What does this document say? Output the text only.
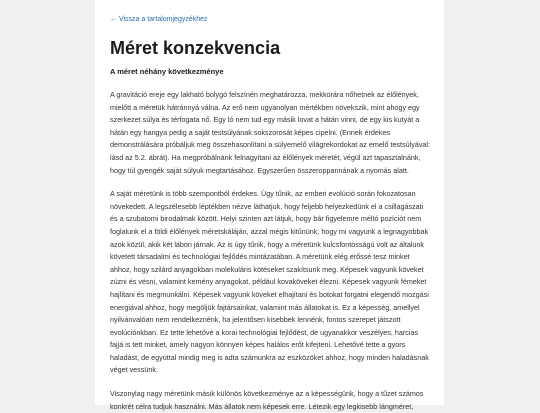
← Vissza a tartalomjegyzékhez
Méret konzekvencia
A méret néhány következménye

A gravitáció ereje egy lakható bolygó felszínén meghatározza, mekkorára nőhetnek az élőlények, mielőtt a méretük hátránnyá válna. Az erő nem ugyanolyan mértékben növekszik, mint ahogy egy szerkezet súlya és térfogata nő. Egy ló nem tud egy másik lovat a hátán vinni, de egy kis kutyát a hátán egy hangya pedig a saját testsúlyának sokszorosát képes cipelni. (Ennek érdekes demonstrálására próbáljuk meg összehasonlítani a súlyemelő világrekordokat az emelő testsúlyával: lásd az 5.2. ábrát). Ha megpróbálnánk felnagyítani az élőlények méretét, végül azt tapasztalnánk, hogy túl gyengék saját súlyuk megtartásához. Egyszerűen összeroppannának a nyomás alatt.

A saját méretünk is több szempontból érdekes. Úgy tűnik, az emberi evolúció során fokozatosan növekedett. A legszélesebb léptékben nézve láthatjuk, hogy feljebb helyezkedünk el a csillagászati és a szubatomi birodalmak között. Helyi szinten azt látjuk, hogy bár figyelemre méltó pozíciót nem foglalunk el a földi élőlények méretskáláján, azzal mégis kitűnünk, hogy mi vagyunk a legnagyobbak azok közül, akik két lábon járnak. Az is úgy tűnik, hogy a méretünk kulcsfontosságú volt az általunk követett társadalmi és technológiai fejlődés mintázatában. A méretünk elég erőssé tesz minket ahhoz, hogy szilárd anyagokban molekuláris kötéseket szakítsunk meg. Képesek vagyunk köveket zúzni és vésni, valamint kemény anyagokat, például kovaköveket élezni. Képesek vagyunk fémeket hajlítani és megmunkálni. Képesek vagyunk köveket elhajítani és botokat forgatni elegendő mozgási energiával ahhoz, hogy megöljük fajtársainkat, valamint más állatokat is. Ez a képesség, amellyel nyilvánvalóan nem rendelkeznénk, ha jelentősen kisebbek lennénk, fontos szerepet játszott evolúciónkban. Ez tette lehetővé a korai technológiai fejlődést, de ugyanakkor veszélyes, harcias fajjá is tett minket, amely nagyon könnyen képes halálos erőt kifejteni. Lehetővé tette a gyors haladást, de egyúttal mindig meg is adta számunkra az eszközöket ahhoz, hogy minden haladásnak véget vessünk.

Viszonylag nagy méretünk másik különös következménye az a képességünk, hogy a tűzet számos konkrét célra tudjuk használni. Más állatok nem képesek erre. Létezik egy legkisebb lángméret,
